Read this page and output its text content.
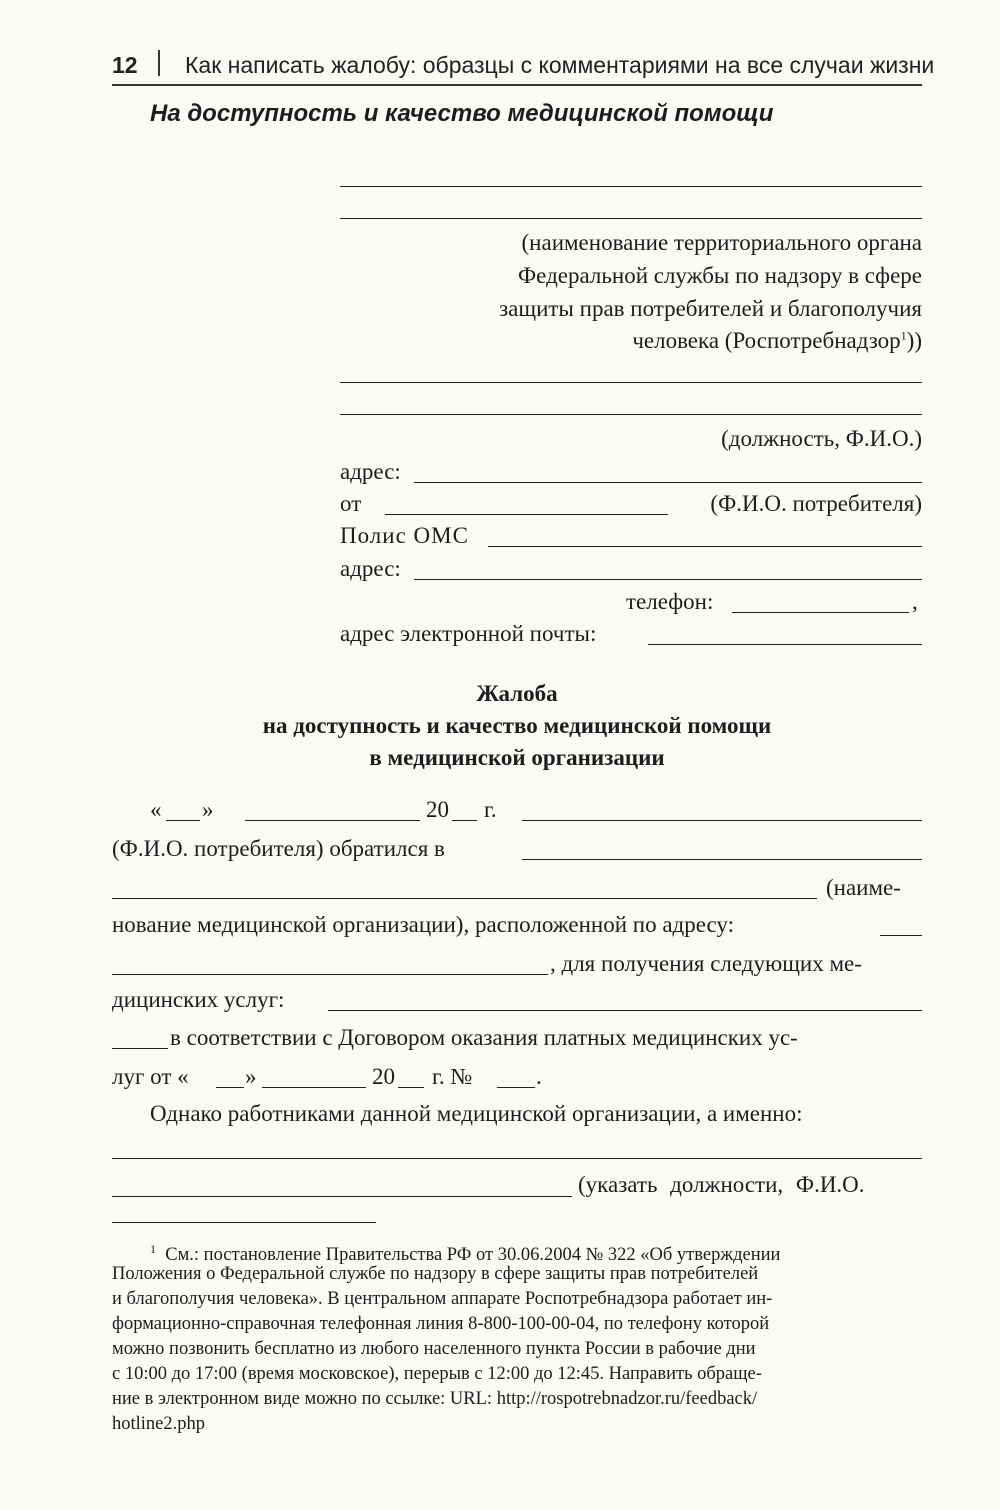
12 Как написать жалобу: образцы с комментариями на все случаи жизни
На доступность и качество медицинской помощи
(наименование территориального органа
Федеральной службы по надзору в сфере
защиты прав потребителей и благополучия
человека (Роспотребнадзор$^1$))
(должность, Ф.И.О.)
адрес:
от	(Ф.И.О. потребителя)
Полис ОМС
адрес:
телефон:	,
адрес электронной почты:
Жалоба
на доступность и качество медицинской помощи
в медицинской организации
« »	20 г.
(Ф.И.О. потребителя) обратился в
(наиме-
нование медицинской организации), расположенной по адресу:
, для получения следующих ме-
дицинских услуг:
в соответствии с Договором оказания платных медицинских ус-
луг от « »	20 г. №	.
Однако работниками данной медицинской организации, а именно:
(указать должности, Ф.И.О.
$^1$ См.: постановление Правительства РФ от 30.06.2004 № 322 «Об утверждении
Положения о Федеральной службе по надзору в сфере защиты прав потребителей
и благополучия человека». В центральном аппарате Роспотребнадзора работает ин-
формационно-справочная телефонная линия 8-800-100-00-04, по телефону которой
можно позвонить бесплатно из любого населенного пункта России в рабочие дни
с 10:00 до 17:00 (время московское), перерыв с 12:00 до 12:45. Направить обраще-
ние в электронном виде можно по ссылке: URL: http://rospotrebnadzor.ru/feedback/
hotline2.php
